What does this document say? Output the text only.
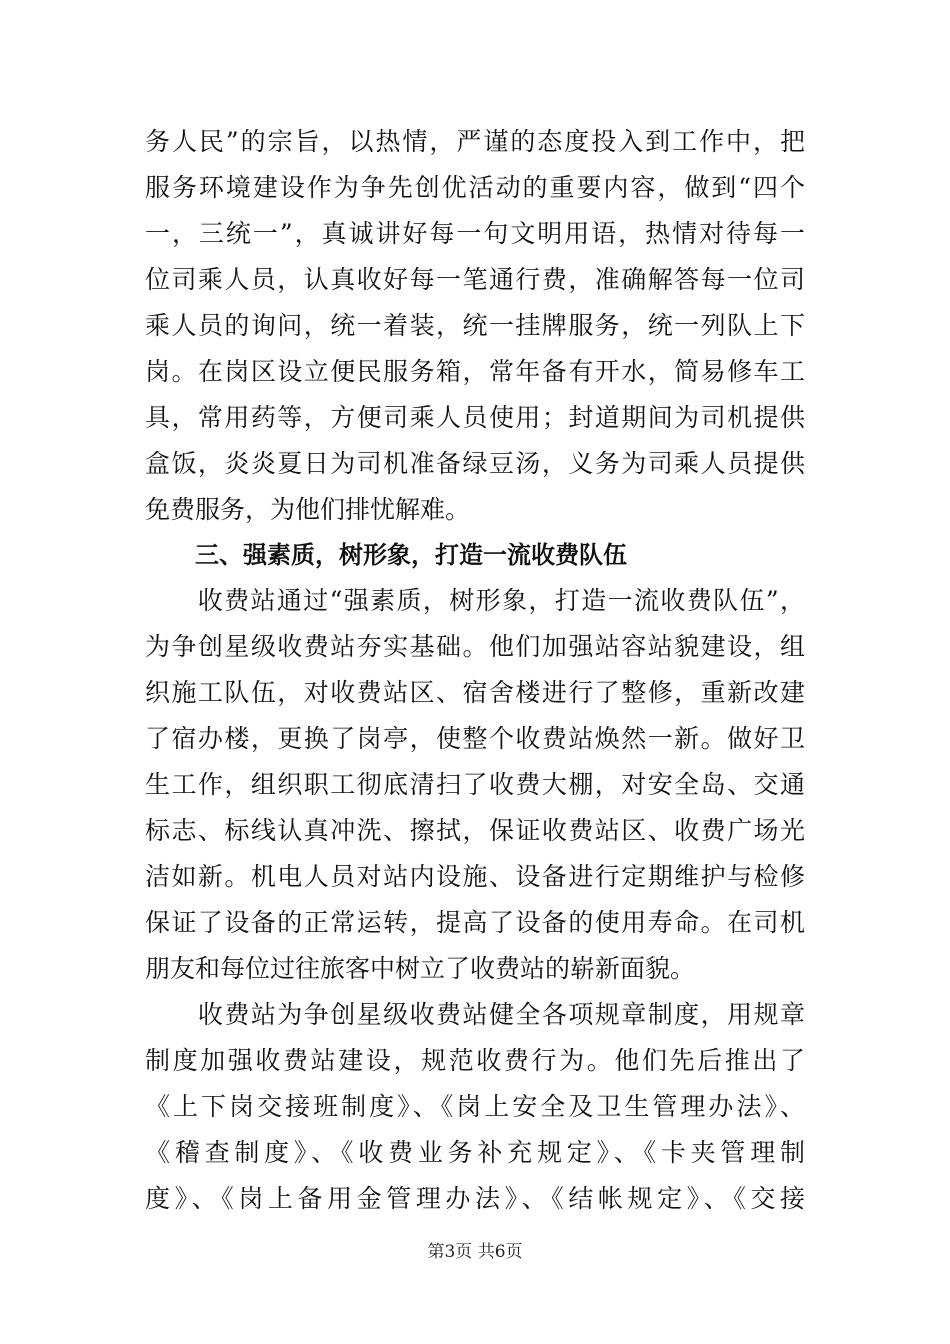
务人民”的宗旨，以热情，严谨的态度投入到工作中，把
服务环境建设作为争先创优活动的重要内容，做到“四个
一，三统一”，真诚讲好每一句文明用语，热情对待每一
位司乘人员，认真收好每一笔通行费，准确解答每一位司
乘人员的询问，统一着装，统一挂牌服务，统一列队上下
岗。在岗区设立便民服务箱，常年备有开水，简易修车工
具，常用药等，方便司乘人员使用；封道期间为司机提供
盒饭，炎炎夏日为司机准备绿豆汤，义务为司乘人员提供
免费服务，为他们排忧解难。
三、强素质，树形象，打造一流收费队伍
　　收费站通过“强素质，树形象，打造一流收费队伍”，
为争创星级收费站夯实基础。他们加强站容站貌建设，组
织施工队伍，对收费站区、宿舍楼进行了整修，重新改建
了宿办楼，更换了岗亭，使整个收费站焕然一新。做好卫
生工作，组织职工彻底清扫了收费大棚，对安全岛、交通
标志、标线认真冲洗、擦拭，保证收费站区、收费广场光
洁如新。机电人员对站内设施、设备进行定期维护与检修
保证了设备的正常运转，提高了设备的使用寿命。在司机
朋友和每位过往旅客中树立了收费站的崭新面貌。
　　收费站为争创星级收费站健全各项规章制度，用规章
制度加强收费站建设，规范收费行为。他们先后推出了
《上下岗交接班制度》、《岗上安全及卫生管理办法》、
《稽查制度》、《收费业务补充规定》、《卡夹管理制
度》、《岗上备用金管理办法》、《结帐规定》、《交接
第3页 共6页
